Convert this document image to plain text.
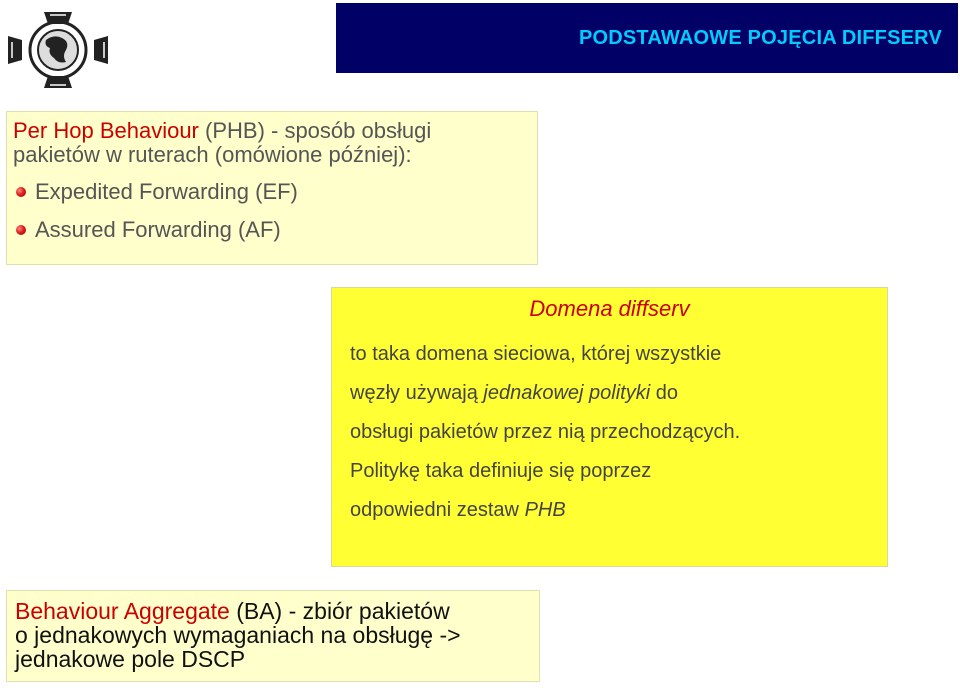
PODSTAWAOWE POJĘCIA DIFFSERV
Per Hop Behaviour (PHB) - sposób obsługi
pakietów w ruterach (omówione później):
Expedited Forwarding (EF)
Assured Forwarding (AF)
Domena diffserv
to taka domena sieciowa, której wszystkie
węzły używają jednakowej polityki do
obsługi pakietów przez nią przechodzących.
Politykę taka definiuje się poprzez
odpowiedni zestaw PHB
Behaviour Aggregate (BA) - zbiór pakietów
o jednakowych wymaganiach na obsługę ->
jednakowe pole DSCP
